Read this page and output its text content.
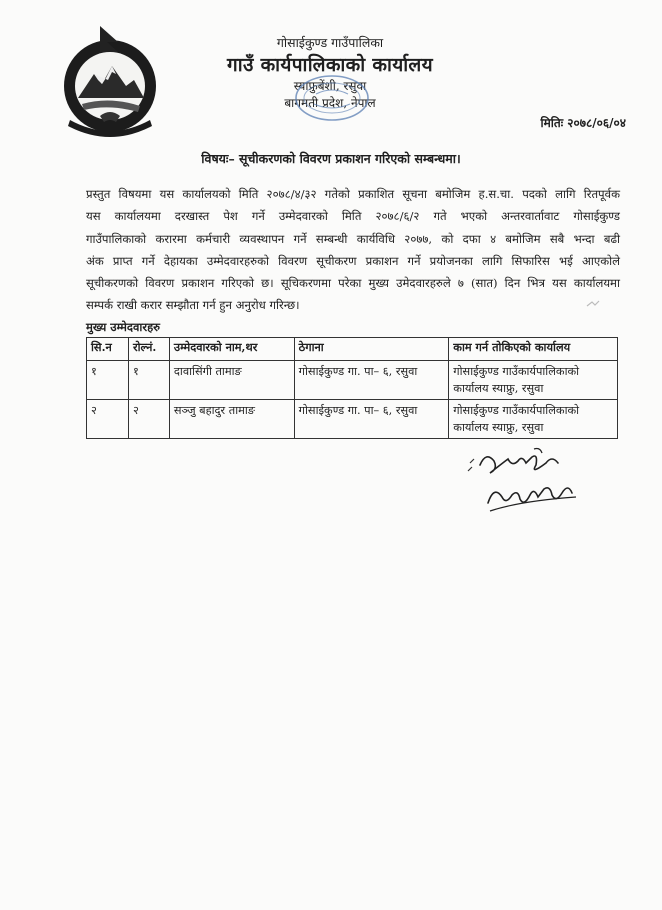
गोसाईकुण्ड गाउँपालिका
गाउँ कार्यपालिकाको कार्यालय
स्याफ्रुबेंशी, रसुवा
बागमती प्रदेश, नेपाल
मितिः २०७८/०६/०४
विषयः– सूचीकरणको विवरण प्रकाशन गरिएको सम्बन्धमा।
प्रस्तुत विषयमा यस कार्यालयको मिति २०७८/४/३२ गतेको प्रकाशित सूचना बमोजिम ह.स.चा. पदको लागि रितपूर्वक
यस कार्यालयमा दरखास्त पेश गर्ने उम्मेदवारको मिति २०७८/६/२ गते भएको अन्तरवार्तावाट गोसाईकुण्ड
गाउँपालिकाको करारमा कर्मचारी व्यवस्थापन गर्ने सम्बन्धी कार्यविधि २०७७, को दफा ४ बमोजिम सबै भन्दा बढी
अंक प्राप्त गर्ने देहायका उम्मेदवारहरुको विवरण सूचीकरण प्रकाशन गर्ने प्रयोजनका लागि सिफारिस भई आएकोले
सूचीकरणको विवरण प्रकाशन गरिएको छ। सूचिकरणमा परेका मुख्य उमेदवारहरुले ७ (सात) दिन भित्र यस कार्यालयमा
सम्पर्क राखी करार सम्झौता गर्न हुन अनुरोध गरिन्छ।
मुख्य उम्मेदवारहरु
सि.न	रोल्नं.	उम्मेदवारको नाम,थर	ठेगाना	काम गर्न तोकिएको कार्यालय
१	१	दावासिंगी तामाङ	गोसाईकुण्ड गा. पा– ६, रसुवा	गोसाईकुण्ड गाउँकार्यपालिकाको कार्यालय स्याफ्रु, रसुवा
२	२	सञ्जु बहादुर तामाङ	गोसाईकुण्ड गा. पा– ६, रसुवा	गोसाईकुण्ड गाउँकार्यपालिकाको कार्यालय स्याफ्रु, रसुवा
